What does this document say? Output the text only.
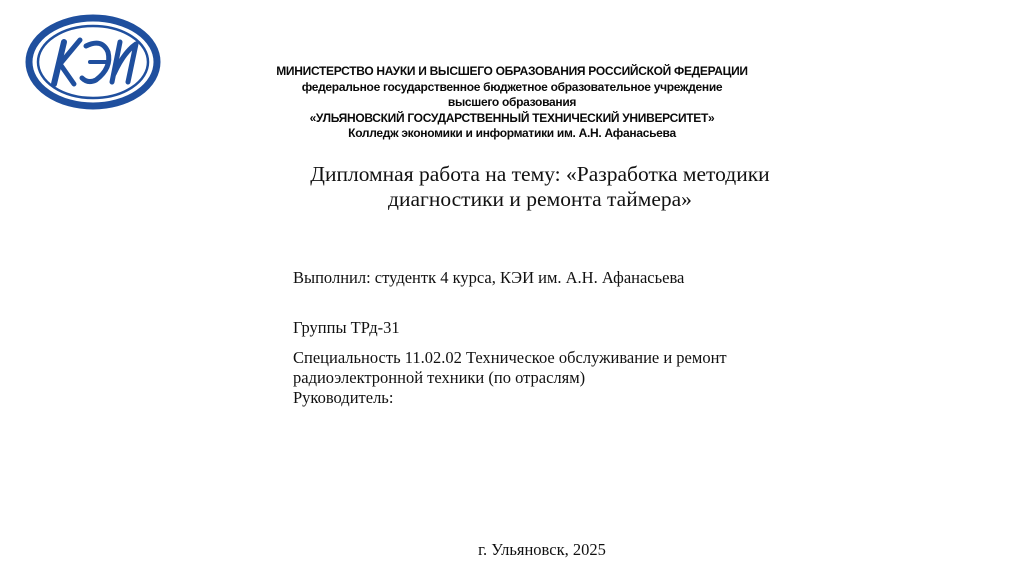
МИНИСТЕРСТВО НАУКИ И ВЫСШЕГО ОБРАЗОВАНИЯ РОССИЙСКОЙ ФЕДЕРАЦИИ
федеральное государственное бюджетное образовательное учреждение
высшего образования
«УЛЬЯНОВСКИЙ ГОСУДАРСТВЕННЫЙ ТЕХНИЧЕСКИЙ УНИВЕРСИТЕТ»
Колледж экономики и информатики им. А.Н. Афанасьева
Дипломная работа на тему: «Разработка методики
диагностики и ремонта таймера»
Выполнил: студентк 4 курса, КЭИ им. А.Н. Афанасьева
Группы ТРд-31
Специальность 11.02.02 Техническое обслуживание и ремонт
радиоэлектронной техники (по отраслям)
Руководитель:
г. Ульяновск, 2025
